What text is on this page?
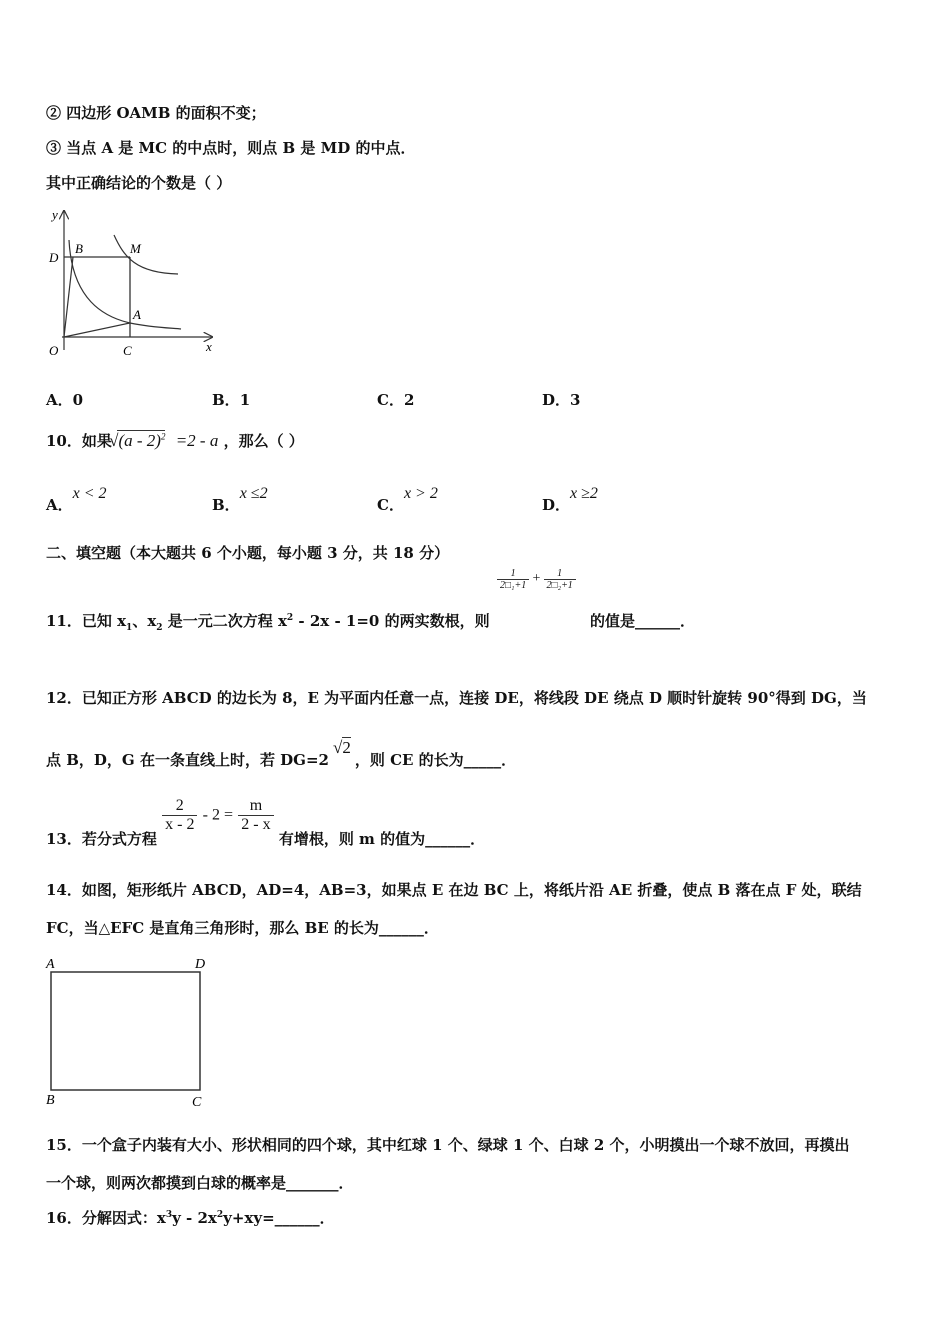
② 四边形 OAMB 的面积不变；
③ 当点 A 是 MC 的中点时，则点 B 是 MD 的中点．
其中正确结论的个数是（ ）
y
B	M
D
A
O	C	x
A．0	B．1	C．2	D．3
10．如果 √(a - 2)$^2$ =2 - a ，那么（ ）
A．x < 2
B．x ≤2
C．x > 2
D．x ≥2
二、填空题（本大题共 6 个小题，每小题 3 分，共 18 分）
$\frac{1}{\text{2□₁+1}} + \frac{1}{\text{2□₂+1}}$
11．已知 $x_1$、$x_2$ 是一元二次方程 $x^2 - 2x - 1=0$ 的两实数根，则	的值是______．
12．已知正方形 ABCD 的边长为 8，E 为平面内任意一点，连接 DE，将线段 DE 绕点 D 顺时针旋转 90°得到 DG，当
点 B，D，G 在一条直线上时，若 DG=2√2，则 CE 的长为_____．
13．若分式方程
$\frac{2}{x - 2} - 2 = \frac{m}{2 - x}$
有增根，则 m 的值为______．
14．如图，矩形纸片 ABCD，AD=4，AB=3，如果点 E 在边 BC 上，将纸片沿 AE 折叠，使点 B 落在点 F 处，联结
FC，当△EFC 是直角三角形时，那么 BE 的长为______．
A	D
B	C
15．一个盒子内装有大小、形状相同的四个球，其中红球 1 个、绿球 1 个、白球 2 个，小明摸出一个球不放回，再摸出
一个球，则两次都摸到白球的概率是_______．
16．分解因式：$x^3y$ - $2x^2y+xy=\_\_\_\_\_\_$．
